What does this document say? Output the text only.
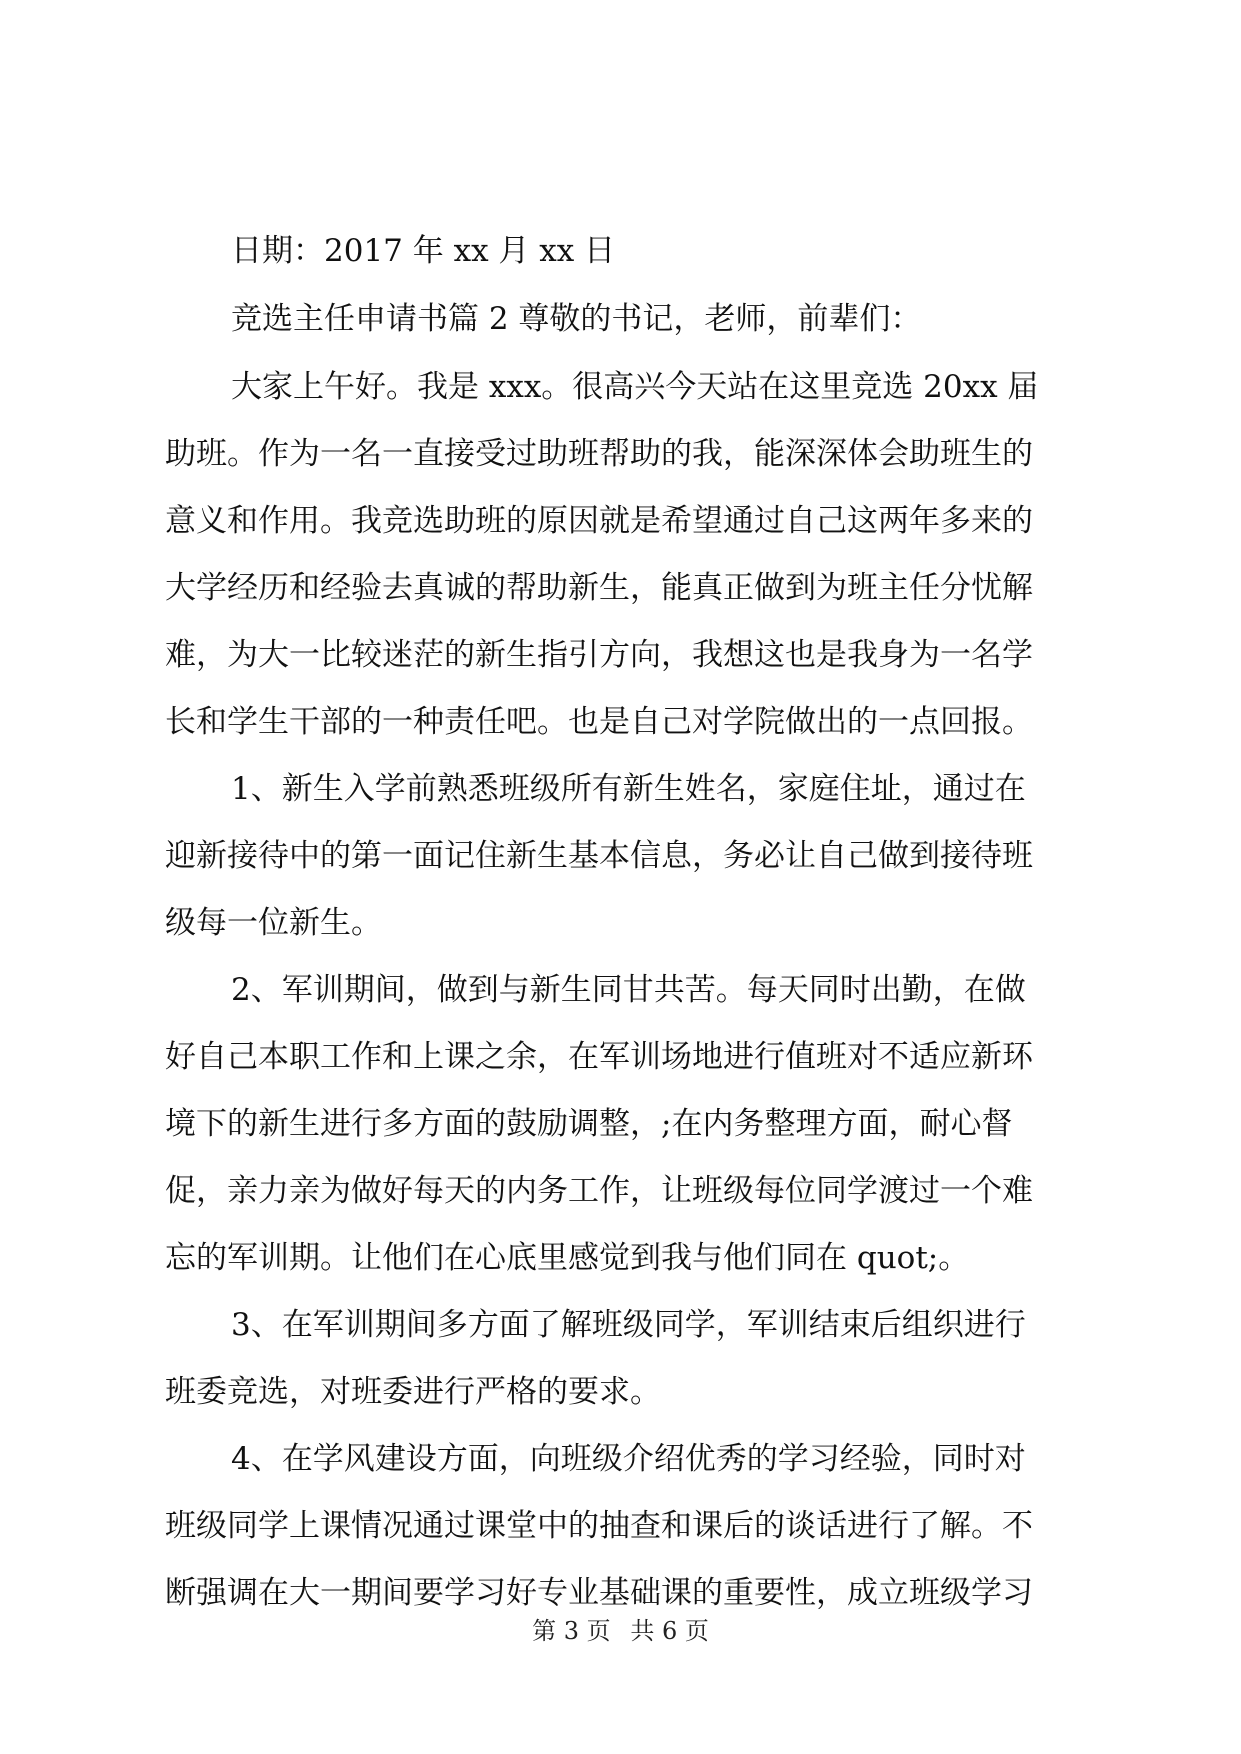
日期：2017 年 xx 月 xx 日

竞选主任申请书篇 2 尊敬的书记，老师，前辈们：

大家上午好。我是 xxx。很高兴今天站在这里竞选 20xx 届

助班。作为一名一直接受过助班帮助的我，能深深体会助班生的

意义和作用。我竞选助班的原因就是希望通过自己这两年多来的

大学经历和经验去真诚的帮助新生，能真正做到为班主任分忧解

难，为大一比较迷茫的新生指引方向，我想这也是我身为一名学

长和学生干部的一种责任吧。也是自己对学院做出的一点回报。

1、新生入学前熟悉班级所有新生姓名，家庭住址，通过在

迎新接待中的第一面记住新生基本信息，务必让自己做到接待班

级每一位新生。

2、军训期间，做到与新生同甘共苦。每天同时出勤，在做

好自己本职工作和上课之余，在军训场地进行值班对不适应新环

境下的新生进行多方面的鼓励调整，;在内务整理方面，耐心督

促，亲力亲为做好每天的内务工作，让班级每位同学渡过一个难

忘的军训期。让他们在心底里感觉到我与他们同在 quot;。

3、在军训期间多方面了解班级同学，军训结束后组织进行

班委竞选，对班委进行严格的要求。

4、在学风建设方面，向班级介绍优秀的学习经验，同时对

班级同学上课情况通过课堂中的抽查和课后的谈话进行了解。不

断强调在大一期间要学习好专业基础课的重要性，成立班级学习

第 3 页 共 6 页
